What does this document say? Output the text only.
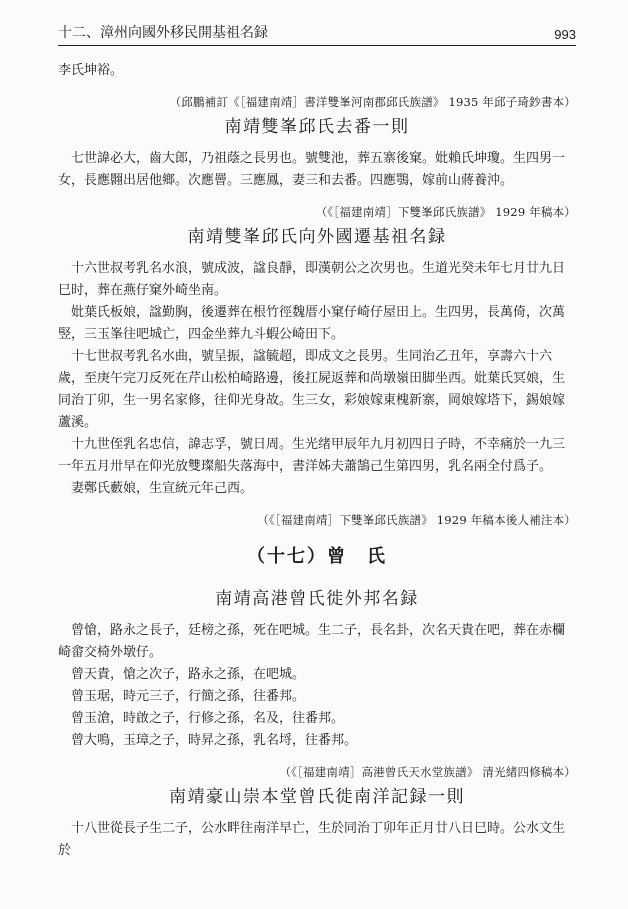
十二、漳州向國外移民開基祖名録	993

李氏坤裕。

（邱鵬補訂《［福建南靖］書洋雙峯河南郡邱氏族譜》 1935 年邱子琦鈔書本）

南靖雙峯邱氏去番一則

七世諱必大，齒大郎，乃祖蔭之長男也。號雙池，葬五寨後窠。妣賴氏坤瓊。生四男一女，長應翾出居他鄉。次應罾。三應鳳，妻三和去番。四應鶚，嫁前山蔣養沖。

（《［福建南靖］下雙峯邱氏族譜》 1929 年稿本）

南靖雙峯邱氏向外國遷基祖名録

十六世叔考乳名水浪，號成波，諡良靜，即漢朝公之次男也。生道光癸未年七月廿九日巳时，葬在燕仔窠外崎坐南。

妣葉氏板娘，諡勤胸，後遷葬在根竹徑魏厝小窠仔崎仔屋田上。生四男，長萬倚，次萬竪，三玉峯往吧城亡，四金坐葬九斗蝦公崎田下。

十七世叔考乳名水曲，號呈振，諡毓超，即成文之長男。生同治乙丑年，享壽六十六歲，至庚午完刀反死在芹山松柏崎路邊，後扛屍返葬和尚墩嶺田脚坐西。妣葉氏冥娘，生同治丁卯，生一男名家修，往仰光身故。生三女，彩娘嫁東槐新寨，岡娘嫁塔下，錫娘嫁蘆溪。

十九世侄乳名忠信，諱志孚，號日周。生光绪甲辰年九月初四日子時，不幸痛於一九三一年五月卅早在仰光放雙璨船失落海中，書洋姊夫蕭鵠己生第四男，乳名兩全付爲子。

妻鄭氏藪娘，生宣統元年己西。

（《［福建南靖］下雙峯邱氏族譜》 1929 年稿本後人補注本）

（十七）曾　氏

南靖高港曾氏徙外邦名録

曾愴，路永之長子，廷榜之孫，死在吧城。生二子，長名卦，次名天貴在吧，葬在赤欄崎畲交椅外墩仔。

曾天貴，愴之次子，路永之孫，在吧城。

曾玉琚，時元三子，行簡之孫，往番邦。

曾玉滄，時啟之子，行修之孫，名及，往番邦。

曾大鳴，玉璋之子，時昇之孫，乳名埒，往番邦。

（《［福建南靖］高港曾氏天水堂族譜》 清光緒四修稿本）

南靖豪山崇本堂曾氏徙南洋記録一則

十八世從長子生二子，公水畔往南洋早亡，生於同治丁卯年正月廿八日巳時。公水文生於
